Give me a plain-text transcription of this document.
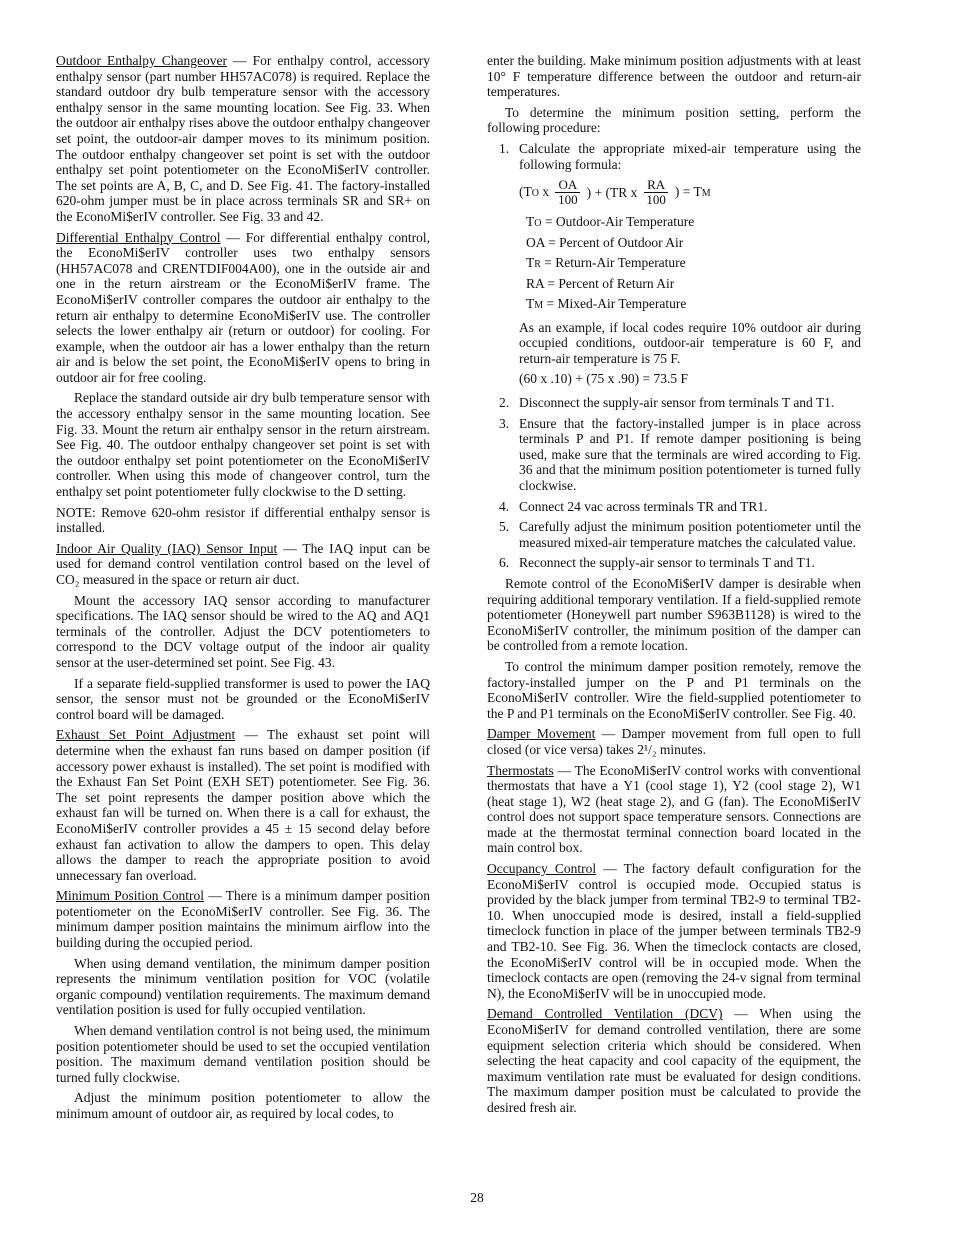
Outdoor Enthalpy Changeover — For enthalpy control, accessory enthalpy sensor (part number HH57AC078) is required. Replace the standard outdoor dry bulb temperature sensor with the accessory enthalpy sensor in the same mounting location. See Fig. 33. When the outdoor air enthalpy rises above the outdoor enthalpy changeover set point, the outdoor-air damper moves to its minimum position. The outdoor enthalpy changeover set point is set with the outdoor enthalpy set point potentiometer on the EconoMi$erIV controller. The set points are A, B, C, and D. See Fig. 41. The factory-installed 620-ohm jumper must be in place across terminals SR and SR+ on the EconoMi$erIV controller. See Fig. 33 and 42.

Differential Enthalpy Control — For differential enthalpy control, the EconoMi$erIV controller uses two enthalpy sensors (HH57AC078 and CRENTDIF004A00), one in the outside air and one in the return airstream or the EconoMi$erIV frame. The EconoMi$erIV controller compares the outdoor air enthalpy to the return air enthalpy to determine EconoMi$erIV use. The controller selects the lower enthalpy air (return or outdoor) for cooling. For example, when the outdoor air has a lower enthalpy than the return air and is below the set point, the EconoMi$erIV opens to bring in outdoor air for free cooling.

Replace the standard outside air dry bulb temperature sensor with the accessory enthalpy sensor in the same mounting location. See Fig. 33. Mount the return air enthalpy sensor in the return airstream. See Fig. 40. The outdoor enthalpy changeover set point is set with the outdoor enthalpy set point potentiometer on the EconoMi$erIV controller. When using this mode of changeover control, turn the enthalpy set point potentiometer fully clockwise to the D setting.

NOTE: Remove 620-ohm resistor if differential enthalpy sensor is installed.

Indoor Air Quality (IAQ) Sensor Input — The IAQ input can be used for demand control ventilation control based on the level of CO₂ measured in the space or return air duct.

Mount the accessory IAQ sensor according to manufacturer specifications. The IAQ sensor should be wired to the AQ and AQ1 terminals of the controller. Adjust the DCV potentiometers to correspond to the DCV voltage output of the indoor air quality sensor at the user-determined set point. See Fig. 43.

If a separate field-supplied transformer is used to power the IAQ sensor, the sensor must not be grounded or the EconoMi$erIV control board will be damaged.

Exhaust Set Point Adjustment — The exhaust set point will determine when the exhaust fan runs based on damper position (if accessory power exhaust is installed). The set point is modified with the Exhaust Fan Set Point (EXH SET) potentiometer. See Fig. 36. The set point represents the damper position above which the exhaust fan will be turned on. When there is a call for exhaust, the EconoMi$erIV controller provides a 45 ± 15 second delay before exhaust fan activation to allow the dampers to open. This delay allows the damper to reach the appropriate position to avoid unnecessary fan overload.

Minimum Position Control — There is a minimum damper position potentiometer on the EconoMi$erIV controller. See Fig. 36. The minimum damper position maintains the minimum airflow into the building during the occupied period.

When using demand ventilation, the minimum damper position represents the minimum ventilation position for VOC (volatile organic compound) ventilation requirements. The maximum demand ventilation position is used for fully occupied ventilation.

When demand ventilation control is not being used, the minimum position potentiometer should be used to set the occupied ventilation position. The maximum demand ventilation position should be turned fully clockwise.

Adjust the minimum position potentiometer to allow the minimum amount of outdoor air, as required by local codes, to

enter the building. Make minimum position adjustments with at least 10° F temperature difference between the outdoor and return-air temperatures.

To determine the minimum position setting, perform the following procedure:

1. Calculate the appropriate mixed-air temperature using the following formula:
(TO x $\frac{OA}{100}$ ) + (TR x $\frac{RA}{100}$ ) = TM
TO = Outdoor-Air Temperature
OA = Percent of Outdoor Air
TR = Return-Air Temperature
RA = Percent of Return Air
TM = Mixed-Air Temperature

As an example, if local codes require 10% outdoor air during occupied conditions, outdoor-air temperature is 60 F, and return-air temperature is 75 F.

(60 x .10) + (75 x .90) = 73.5 F
2. Disconnect the supply-air sensor from terminals T and T1.
3. Ensure that the factory-installed jumper is in place across terminals P and P1. If remote damper positioning is being used, make sure that the terminals are wired according to Fig. 36 and that the minimum position potentiometer is turned fully clockwise.
4. Connect 24 vac across terminals TR and TR1.
5. Carefully adjust the minimum position potentiometer until the measured mixed-air temperature matches the calculated value.
6. Reconnect the supply-air sensor to terminals T and T1.

Remote control of the EconoMi$erIV damper is desirable when requiring additional temporary ventilation. If a field-supplied remote potentiometer (Honeywell part number S963B1128) is wired to the EconoMi$erIV controller, the minimum position of the damper can be controlled from a remote location.

To control the minimum damper position remotely, remove the factory-installed jumper on the P and P1 terminals on the EconoMi$erIV controller. Wire the field-supplied potentiometer to the P and P1 terminals on the EconoMi$erIV controller. See Fig. 40.

Damper Movement — Damper movement from full open to full closed (or vice versa) takes 2¹/₂ minutes.

Thermostats — The EconoMi$erIV control works with conventional thermostats that have a Y1 (cool stage 1), Y2 (cool stage 2), W1 (heat stage 1), W2 (heat stage 2), and G (fan). The EconoMi$erIV control does not support space temperature sensors. Connections are made at the thermostat terminal connection board located in the main control box.

Occupancy Control — The factory default configuration for the EconoMi$erIV control is occupied mode. Occupied status is provided by the black jumper from terminal TB2-9 to terminal TB2-10. When unoccupied mode is desired, install a field-supplied timeclock function in place of the jumper between terminals TB2-9 and TB2-10. See Fig. 36. When the timeclock contacts are closed, the EconoMi$erIV control will be in occupied mode. When the timeclock contacts are open (removing the 24-v signal from terminal N), the EconoMi$erIV will be in unoccupied mode.

Demand Controlled Ventilation (DCV) — When using the EconoMi$erIV for demand controlled ventilation, there are some equipment selection criteria which should be considered. When selecting the heat capacity and cool capacity of the equipment, the maximum ventilation rate must be evaluated for design conditions. The maximum damper position must be calculated to provide the desired fresh air.

28
